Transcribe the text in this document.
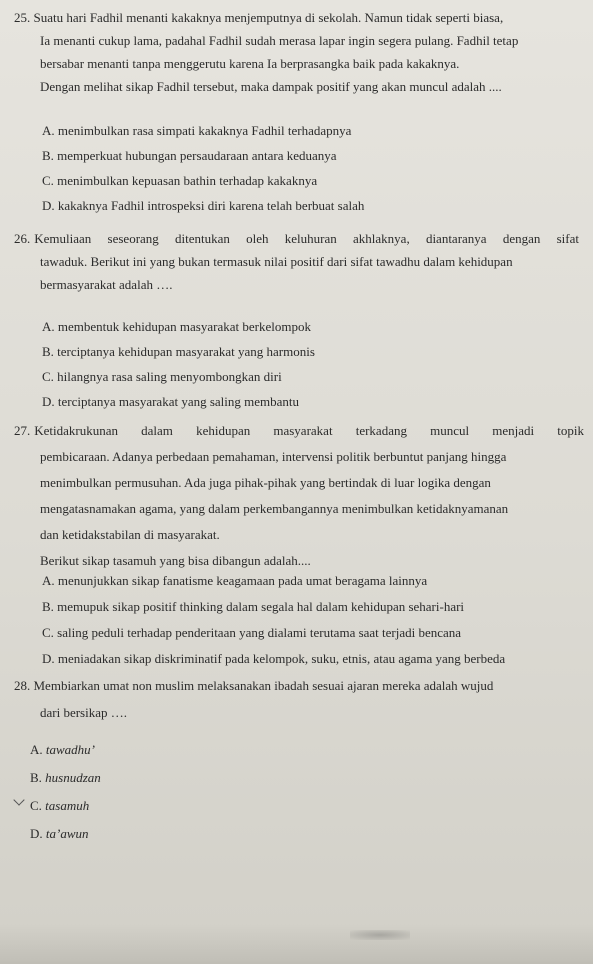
25. Suatu hari Fadhil menanti kakaknya menjemputnya di sekolah. Namun tidak seperti biasa,
Ia menanti cukup lama, padahal Fadhil sudah merasa lapar ingin segera pulang. Fadhil tetap
bersabar menanti tanpa menggerutu karena Ia berprasangka baik pada kakaknya.
Dengan melihat sikap Fadhil tersebut, maka dampak positif yang akan muncul adalah ....
A. menimbulkan rasa simpati kakaknya Fadhil terhadapnya
B. memperkuat hubungan persaudaraan antara keduanya
C. menimbulkan kepuasan bathin terhadap kakaknya
D. kakaknya Fadhil introspeksi diri karena telah berbuat salah
26. Kemuliaan seseorang ditentukan oleh keluhuran akhlaknya, diantaranya dengan sifat
tawaduk. Berikut ini yang bukan termasuk nilai positif dari sifat tawadhu dalam kehidupan
bermasyarakat adalah ….
A. membentuk kehidupan masyarakat berkelompok
B. terciptanya kehidupan masyarakat yang harmonis
C. hilangnya rasa saling menyombongkan diri
D. terciptanya masyarakat yang saling membantu
27. Ketidakrukunan dalam kehidupan masyarakat terkadang muncul menjadi topik
pembicaraan. Adanya perbedaan pemahaman, intervensi politik berbuntut panjang hingga
menimbulkan permusuhan. Ada juga pihak-pihak yang bertindak di luar logika dengan
mengatasnamakan agama, yang dalam perkembangannya menimbulkan ketidaknyamanan
dan ketidakstabilan di masyarakat.
Berikut sikap tasamuh yang bisa dibangun adalah....
A. menunjukkan sikap fanatisme keagamaan pada umat beragama lainnya
B. memupuk sikap positif thinking dalam segala hal dalam kehidupan sehari-hari
C. saling peduli terhadap penderitaan yang dialami terutama saat terjadi bencana
D. meniadakan sikap diskriminatif pada kelompok, suku, etnis, atau agama yang berbeda
28. Membiarkan umat non muslim melaksanakan ibadah sesuai ajaran mereka adalah wujud
dari bersikap ….
A. tawadhu’
B. husnudzan
C. tasamuh
D. ta’awun
